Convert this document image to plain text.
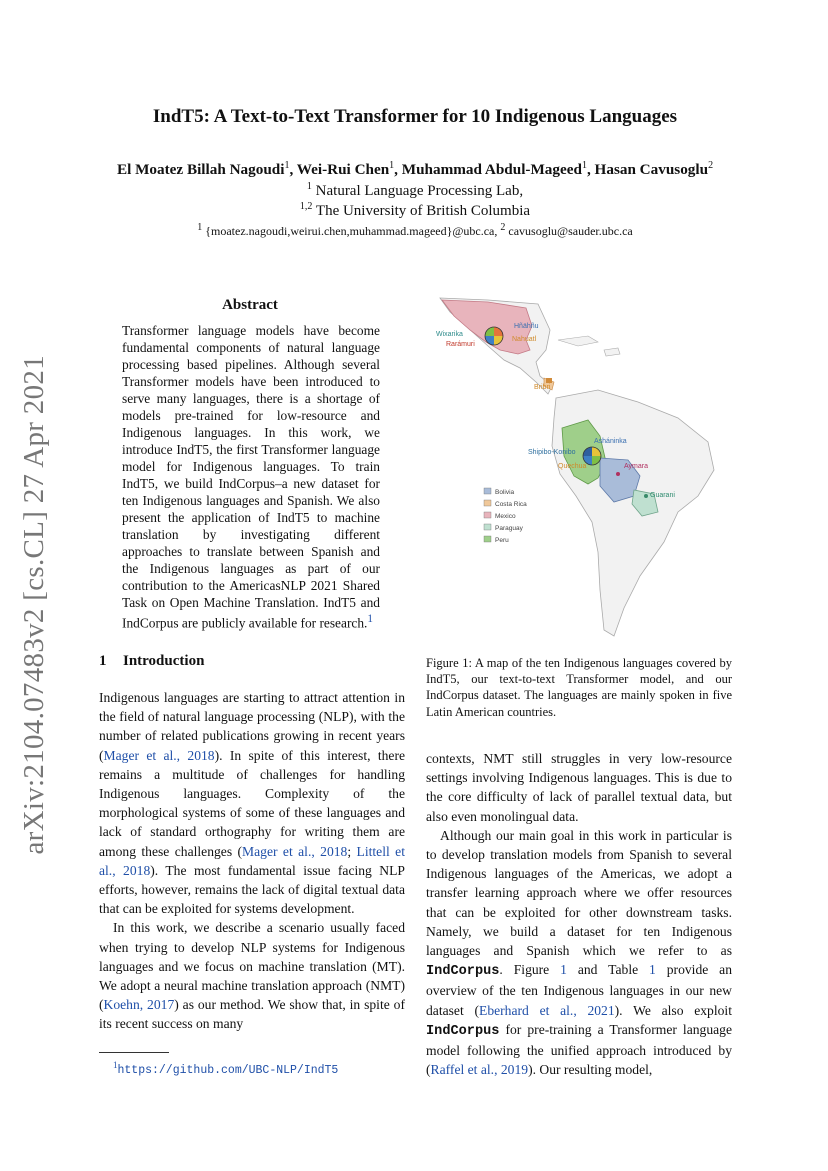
arXiv:2104.07483v2 [cs.CL] 27 Apr 2021
IndT5: A Text-to-Text Transformer for 10 Indigenous Languages
El Moatez Billah Nagoudi$^1$, Wei-Rui Chen$^1$, Muhammad Abdul-Mageed$^1$, Hasan Cavusoglu$^2$
$^1$ Natural Language Processing Lab,
$^{1,2}$ The University of British Columbia
$^1$ {moatez.nagoudi,weirui.chen,muhammad.mageed}@ubc.ca, $^2$ cavusoglu@sauder.ubc.ca
Abstract
Transformer language models have become fundamental components of natural language processing based pipelines. Although several Transformer models have been introduced to serve many languages, there is a shortage of models pre-trained for low-resource and Indigenous languages. In this work, we introduce IndT5, the first Transformer language model for Indigenous languages. To train IndT5, we build IndCorpus–a new dataset for ten Indigenous languages and Spanish. We also present the application of IndT5 to machine translation by investigating different approaches to translate between Spanish and the Indigenous languages as part of our contribution to the AmericasNLP 2021 Shared Task on Open Machine Translation. IndT5 and IndCorpus are publicly available for research.$^1$
Wixarika
Rarámuri
Hñähñu
Nahuatl
Bribri
Asháninka
Shipibo-Konibo
Quechua	Aymara
Guarani
Bolivia
Costa Rica
Mexico
Paraguay
Peru
Figure 1: A map of the ten Indigenous languages covered by IndT5, our text-to-text Transformer model, and our IndCorpus dataset. The languages are mainly spoken in five Latin American countries.
1 Introduction

Indigenous languages are starting to attract attention in the field of natural language processing (NLP), with the number of related publications growing in recent years (Mager et al., 2018). In spite of this interest, there remains a multitude of challenges for handling Indigenous languages. Complexity of the morphological systems of some of these languages and lack of standard orthography for writing them are among these challenges (Mager et al., 2018; Littell et al., 2018). The most fundamental issue facing NLP efforts, however, remains the lack of digital textual data that can be exploited for systems development.

In this work, we describe a scenario usually faced when trying to develop NLP systems for Indigenous languages and we focus on machine translation (MT). We adopt a neural machine translation approach (NMT) (Koehn, 2017) as our method. We show that, in spite of its recent success on many

contexts, NMT still struggles in very low-resource settings involving Indigenous languages. This is due to the core difficulty of lack of parallel textual data, but also even monolingual data.

Although our main goal in this work in particular is to develop translation models from Spanish to several Indigenous languages of the Americas, we adopt a transfer learning approach where we offer resources that can be exploited for other downstream tasks. Namely, we build a dataset for ten Indigenous languages and Spanish which we refer to as IndCorpus. Figure 1 and Table 1 provide an overview of the ten Indigenous languages in our new dataset (Eberhard et al., 2021). We also exploit IndCorpus for pre-training a Transformer language model following the unified approach introduced by (Raffel et al., 2019). Our resulting model,

$^1$https://github.com/UBC-NLP/IndT5
